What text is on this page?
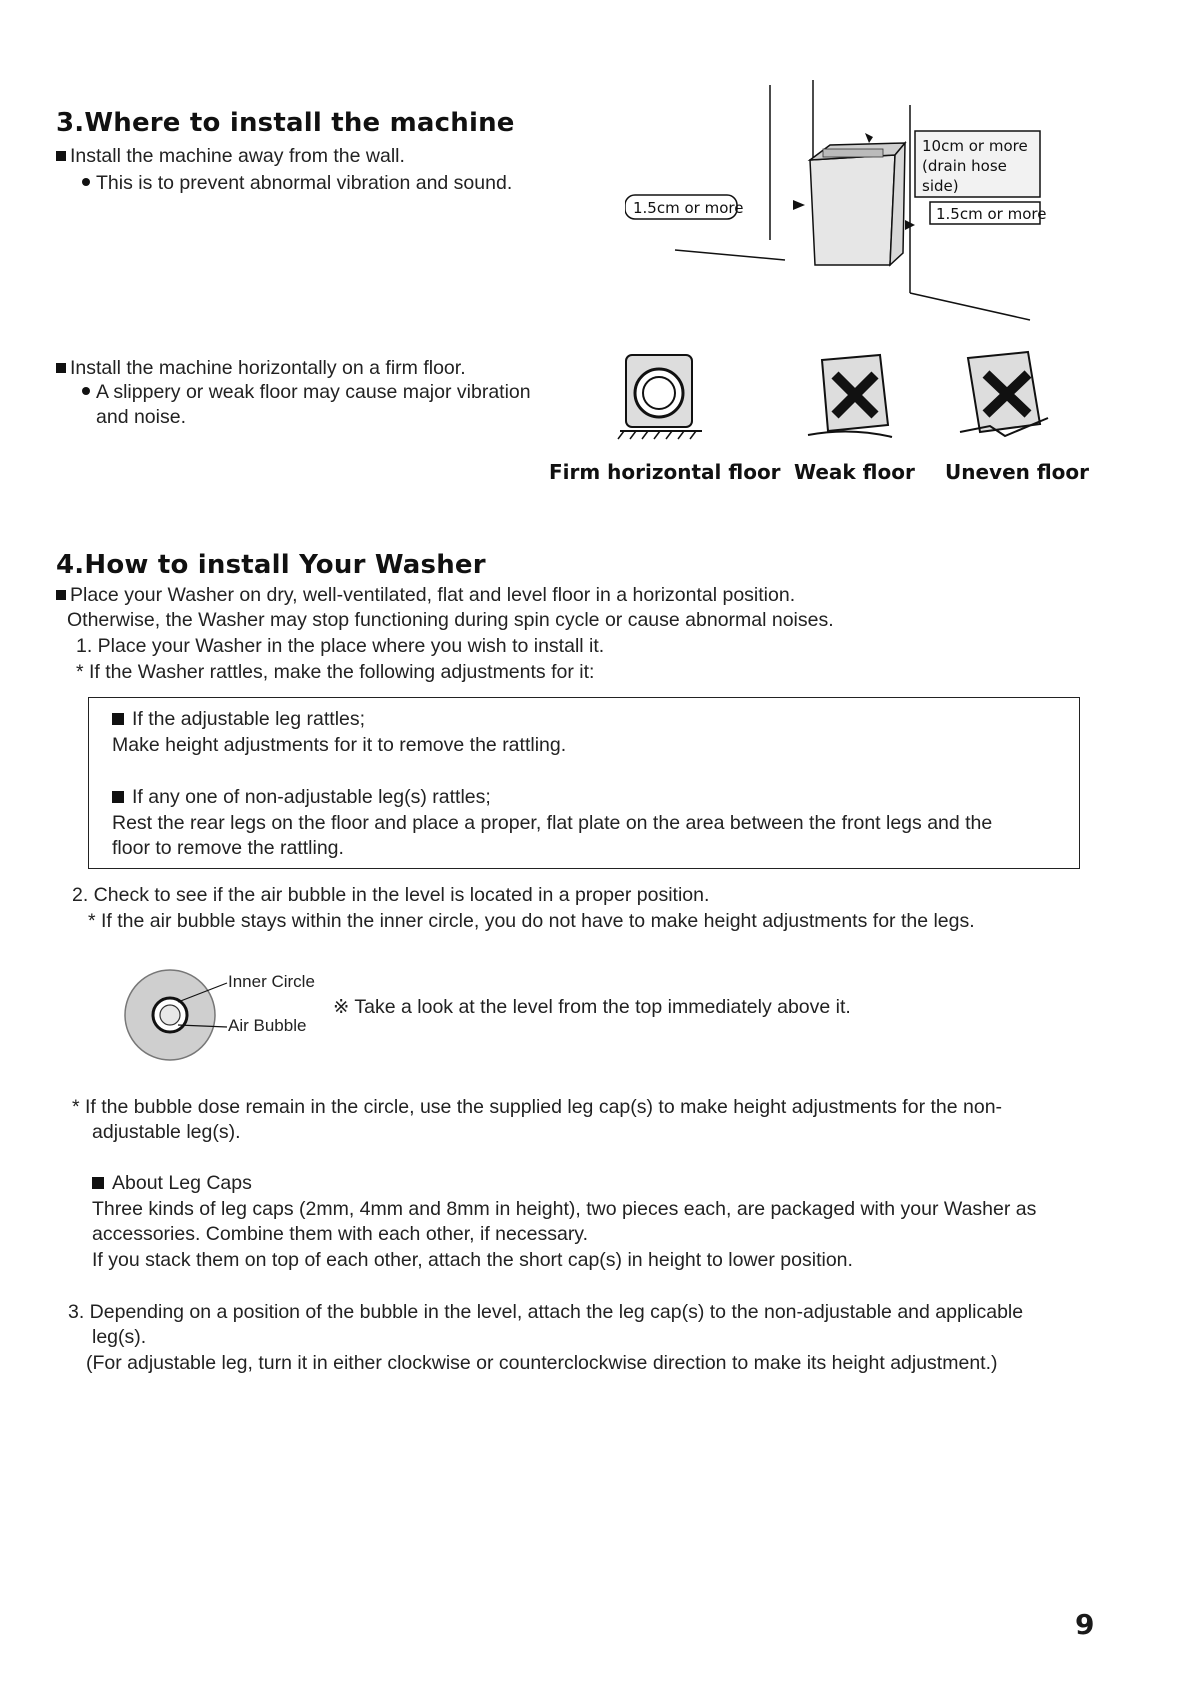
3.Where to install the machine
Install the machine away from the wall.
This is to prevent abnormal vibration and sound.
1.5cm or more
10cm or more
(drain hose
side)
1.5cm or more
Install the machine horizontally on a firm floor.
A slippery or weak floor may cause major vibration
and noise.
Firm horizontal floor Weak floor Uneven floor
4.How to install Your Washer
Place your Washer on dry, well-ventilated, flat and level floor in a horizontal position.
Otherwise, the Washer may stop functioning during spin cycle or cause abnormal noises.
1. Place your Washer in the place where you wish to install it.
* If the Washer rattles, make the following adjustments for it:
If the adjustable leg rattles;
Make height adjustments for it to remove the rattling.
If any one of non-adjustable leg(s) rattles;
Rest the rear legs on the floor and place a proper, flat plate on the area between the front legs and the
floor to remove the rattling.
2. Check to see if the air bubble in the level is located in a proper position.
* If the air bubble stays within the inner circle, you do not have to make height adjustments for the legs.
Inner Circle
Air Bubble
※ Take a look at the level from the top immediately above it.
* If the bubble dose remain in the circle, use the supplied leg cap(s) to make height adjustments for the non-
adjustable leg(s).
About Leg Caps
Three kinds of leg caps (2mm, 4mm and 8mm in height), two pieces each, are packaged with your Washer as
accessories. Combine them with each other, if necessary.
If you stack them on top of each other, attach the short cap(s) in height to lower position.
3. Depending on a position of the bubble in the level, attach the leg cap(s) to the non-adjustable and applicable
leg(s).
(For adjustable leg, turn it in either clockwise or counterclockwise direction to make its height adjustment.)
9
